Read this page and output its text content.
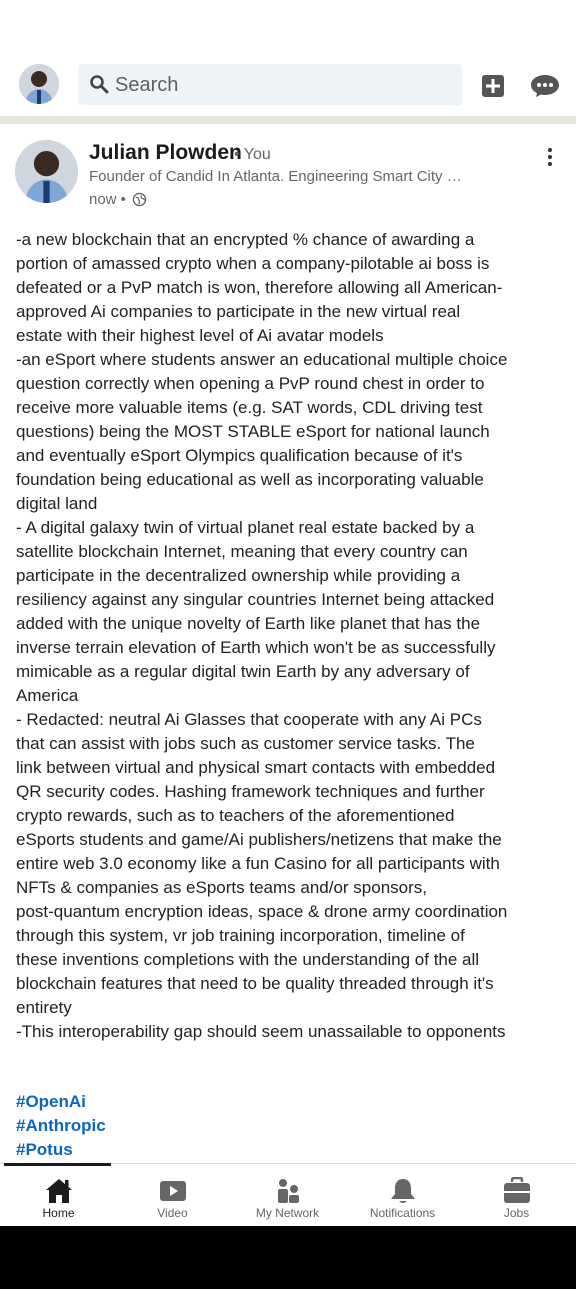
Search
Julian Plowden
• You
Founder of Candid In Atlanta. Engineering Smart City …
now •
-a new blockchain that an encrypted % chance of awarding a
portion of amassed crypto when a company-pilotable ai boss is
defeated or a PvP match is won, therefore allowing all American-
approved Ai companies to participate in the new virtual real
estate with their highest level of Ai avatar models
-an eSport where students answer an educational multiple choice
question correctly when opening a PvP round chest in order to
receive more valuable items (e.g. SAT words, CDL driving test
questions) being the MOST STABLE eSport for national launch
and eventually eSport Olympics qualification because of it's
foundation being educational as well as incorporating valuable
digital land
- A digital galaxy twin of virtual planet real estate backed by a
satellite blockchain Internet, meaning that every country can
participate in the decentralized ownership while providing a
resiliency against any singular countries Internet being attacked
added with the unique novelty of Earth like planet that has the
inverse terrain elevation of Earth which won't be as successfully
mimicable as a regular digital twin Earth by any adversary of
America
- Redacted: neutral Ai Glasses that cooperate with any Ai PCs
that can assist with jobs such as customer service tasks. The
link between virtual and physical smart contacts with embedded
QR security codes. Hashing framework techniques and further
crypto rewards, such as to teachers of the aforementioned
eSports students and game/Ai publishers/netizens that make the
entire web 3.0 economy like a fun Casino for all participants with
NFTs & companies as eSports teams and/or sponsors,
post-quantum encryption ideas, space & drone army coordination
through this system, vr job training incorporation, timeline of
these inventions completions with the understanding of the all
blockchain features that need to be quality threaded through it's
entirety
-This interoperability gap should seem unassailable to opponents
#OpenAi
#Anthropic
#Potus
Home	Video	My Network	Notifications	Jobs
